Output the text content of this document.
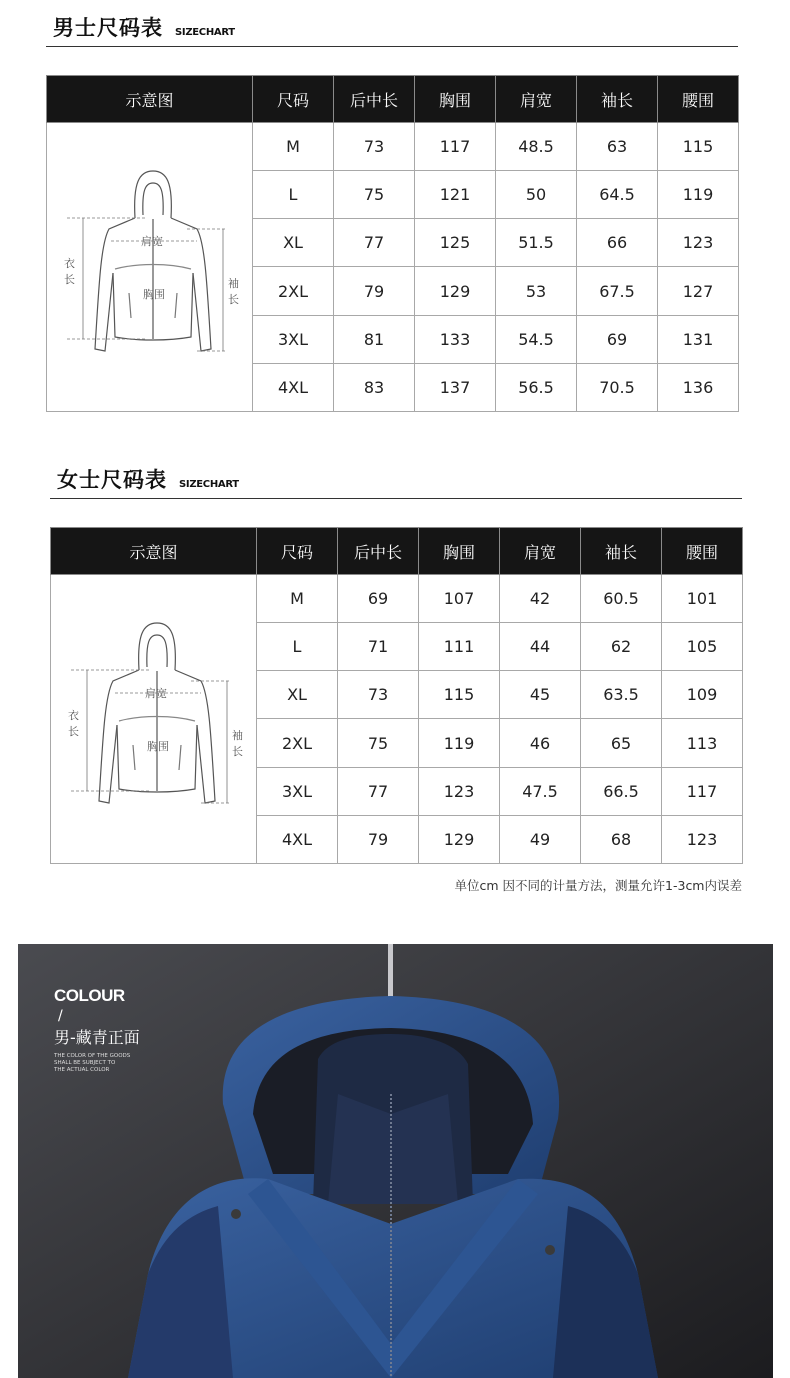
男士尺码表 SIZECHART
示意图	尺码	后中长	胸围	肩宽	袖长	腰围
	M	73	117	48.5	63	115
	L	75	121	50	64.5	119
	XL	77	125	51.5	66	123
	2XL	79	129	53	67.5	127
	3XL	81	133	54.5	69	131
	4XL	83	137	56.5	70.5	136
肩宽
胸围
衣长	袖长
女士尺码表 SIZECHART
示意图	尺码	后中长	胸围	肩宽	袖长	腰围
	M	69	107	42	60.5	101
	L	71	111	44	62	105
	XL	73	115	45	63.5	109
	2XL	75	119	46	65	113
	3XL	77	123	47.5	66.5	117
	4XL	79	129	49	68	123
肩宽
胸围
衣长	袖长
单位cm 因不同的计量方法，测量允许1-3cm内误差
COLOUR
/
男-藏青正面
THE COLOR OF THE GOODS
SHALL BE SUBJECT TO
THE ACTUAL COLOR
